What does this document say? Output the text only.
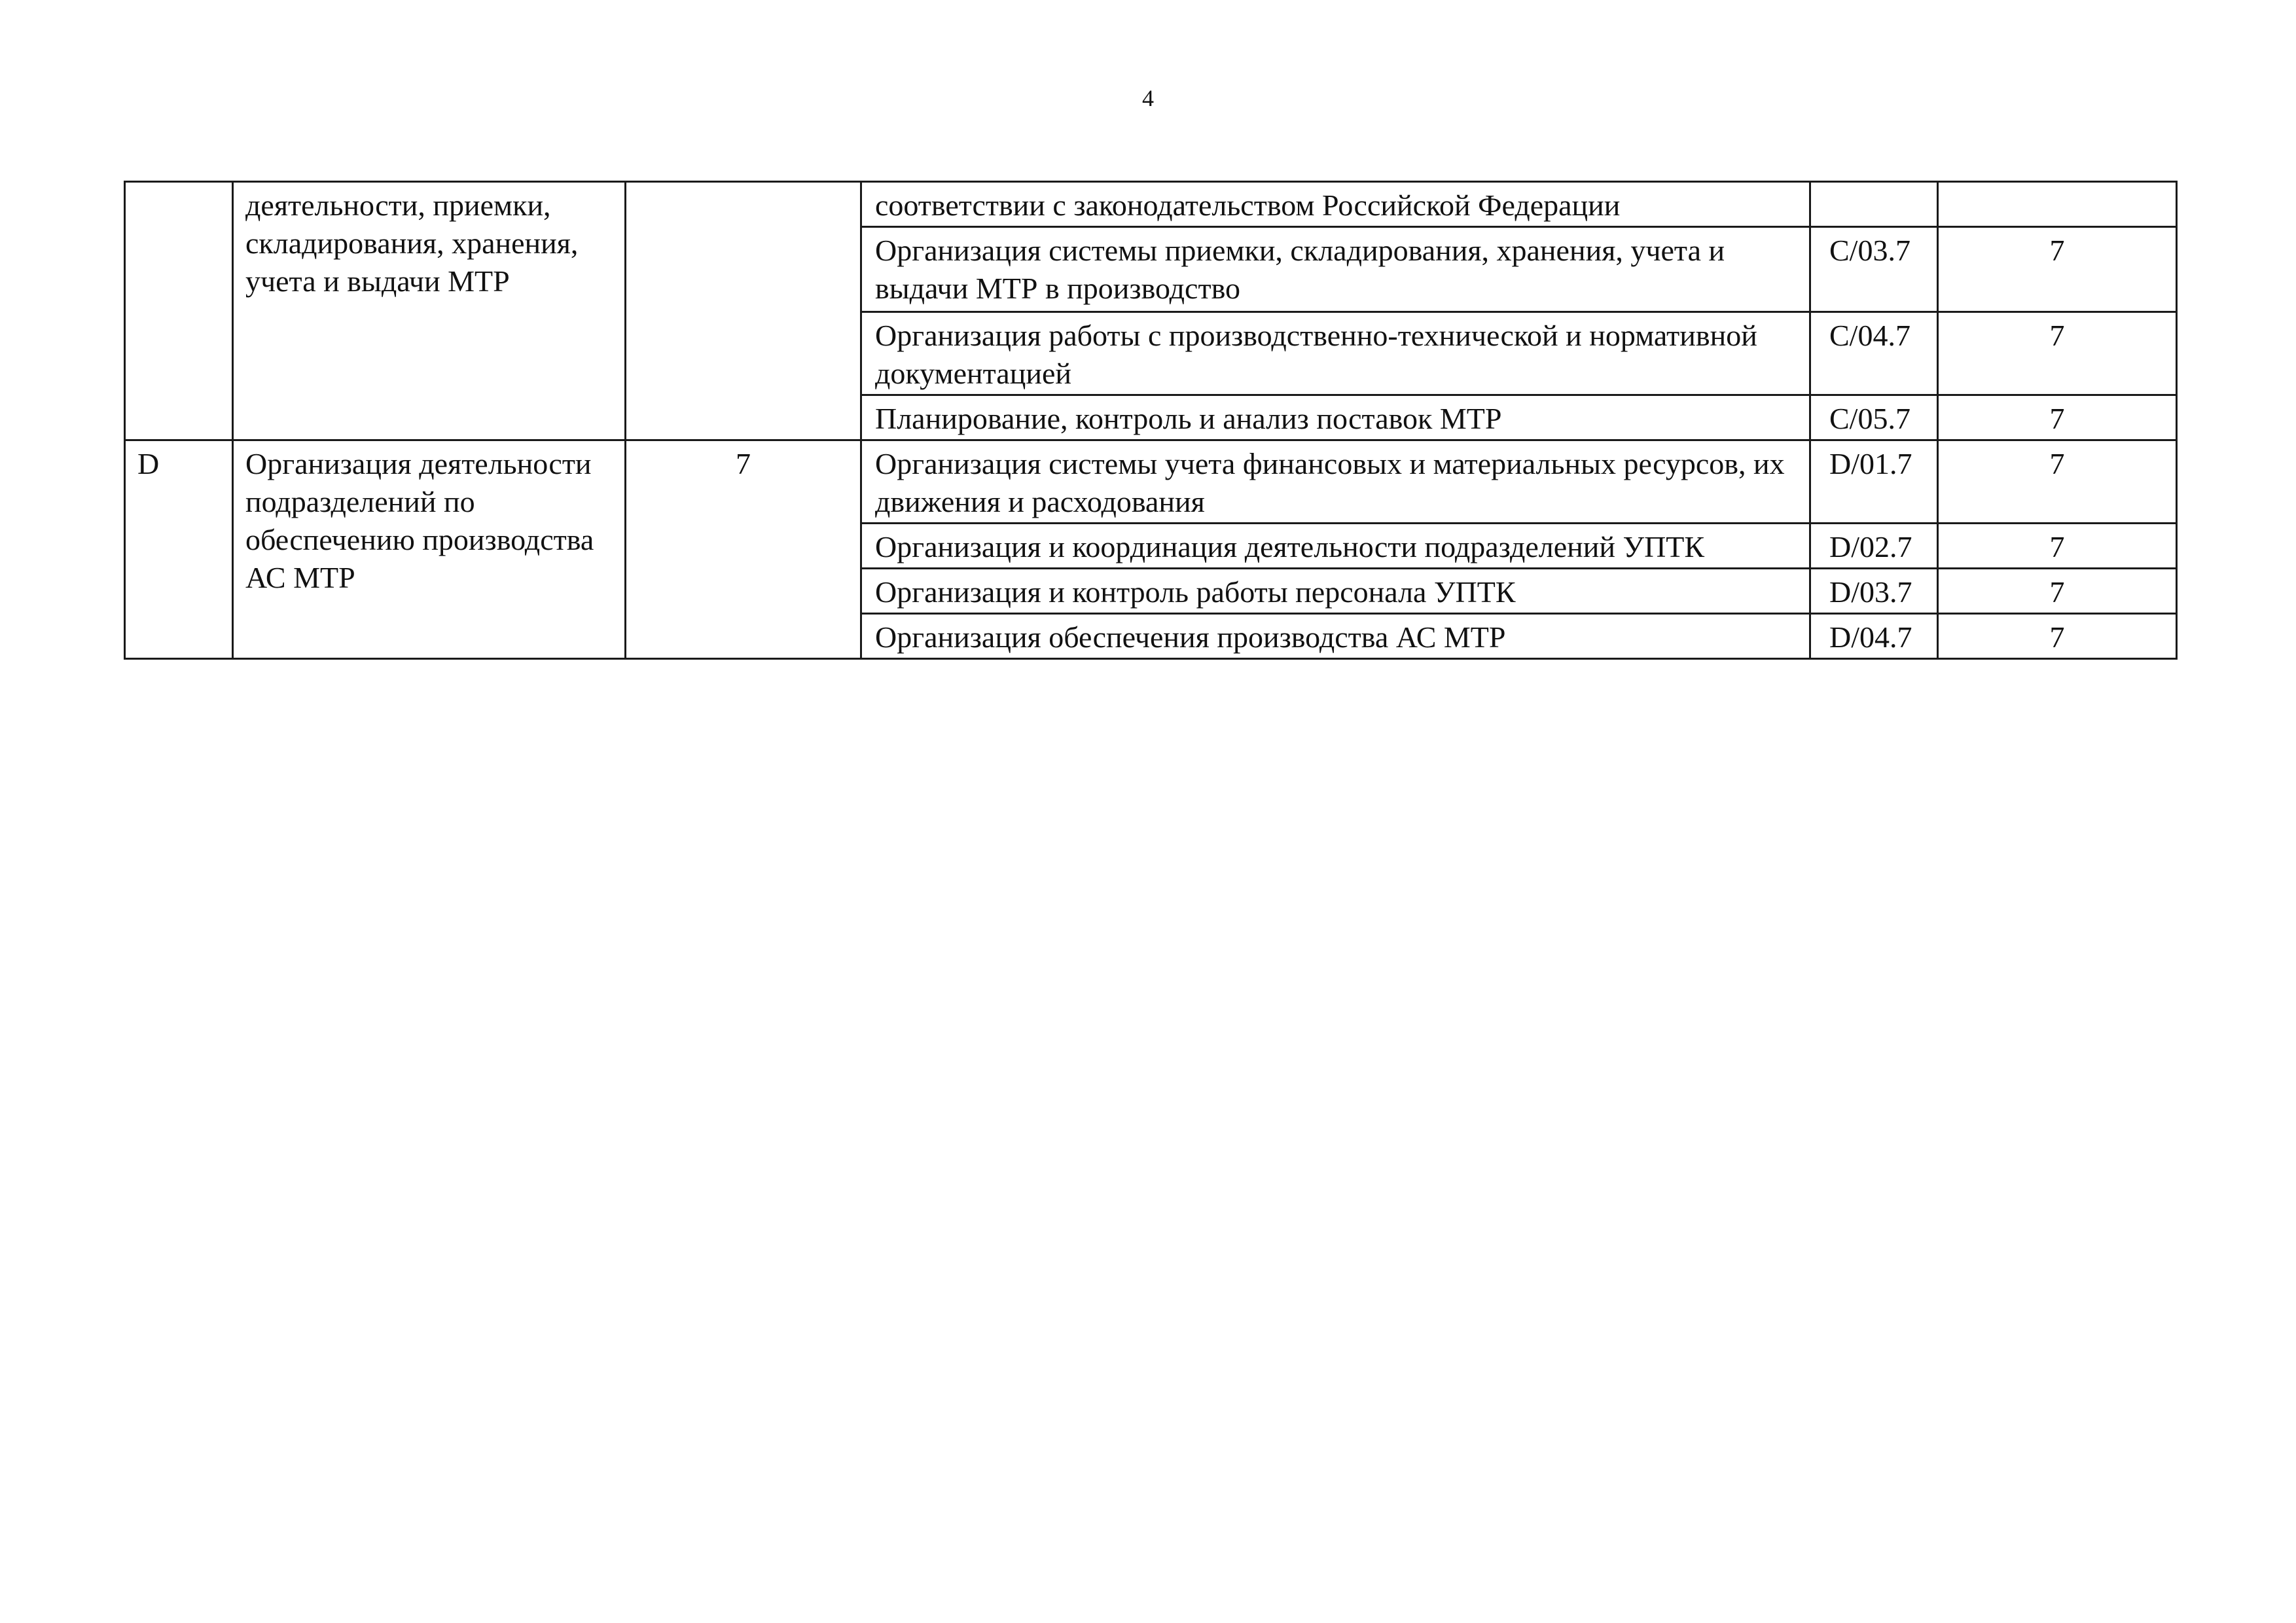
4
	деятельности, приемки, складирования, хранения, учета и выдачи МТР		соответствии с законодательством Российской Федерации		
			Организация системы приемки, складирования, хранения, учета и выдачи МТР в производство	C/03.7	7
			Организация работы с производственно-технической и нормативной документацией	C/04.7	7
			Планирование, контроль и анализ поставок МТР	C/05.7	7
D	Организация деятельности подразделений по обеспечению производства АС МТР	7	Организация системы учета финансовых и материальных ресурсов, их движения и расходования	D/01.7	7
			Организация и координация деятельности подразделений УПТК	D/02.7	7
			Организация и контроль работы персонала УПТК	D/03.7	7
			Организация обеспечения производства АС МТР	D/04.7	7
